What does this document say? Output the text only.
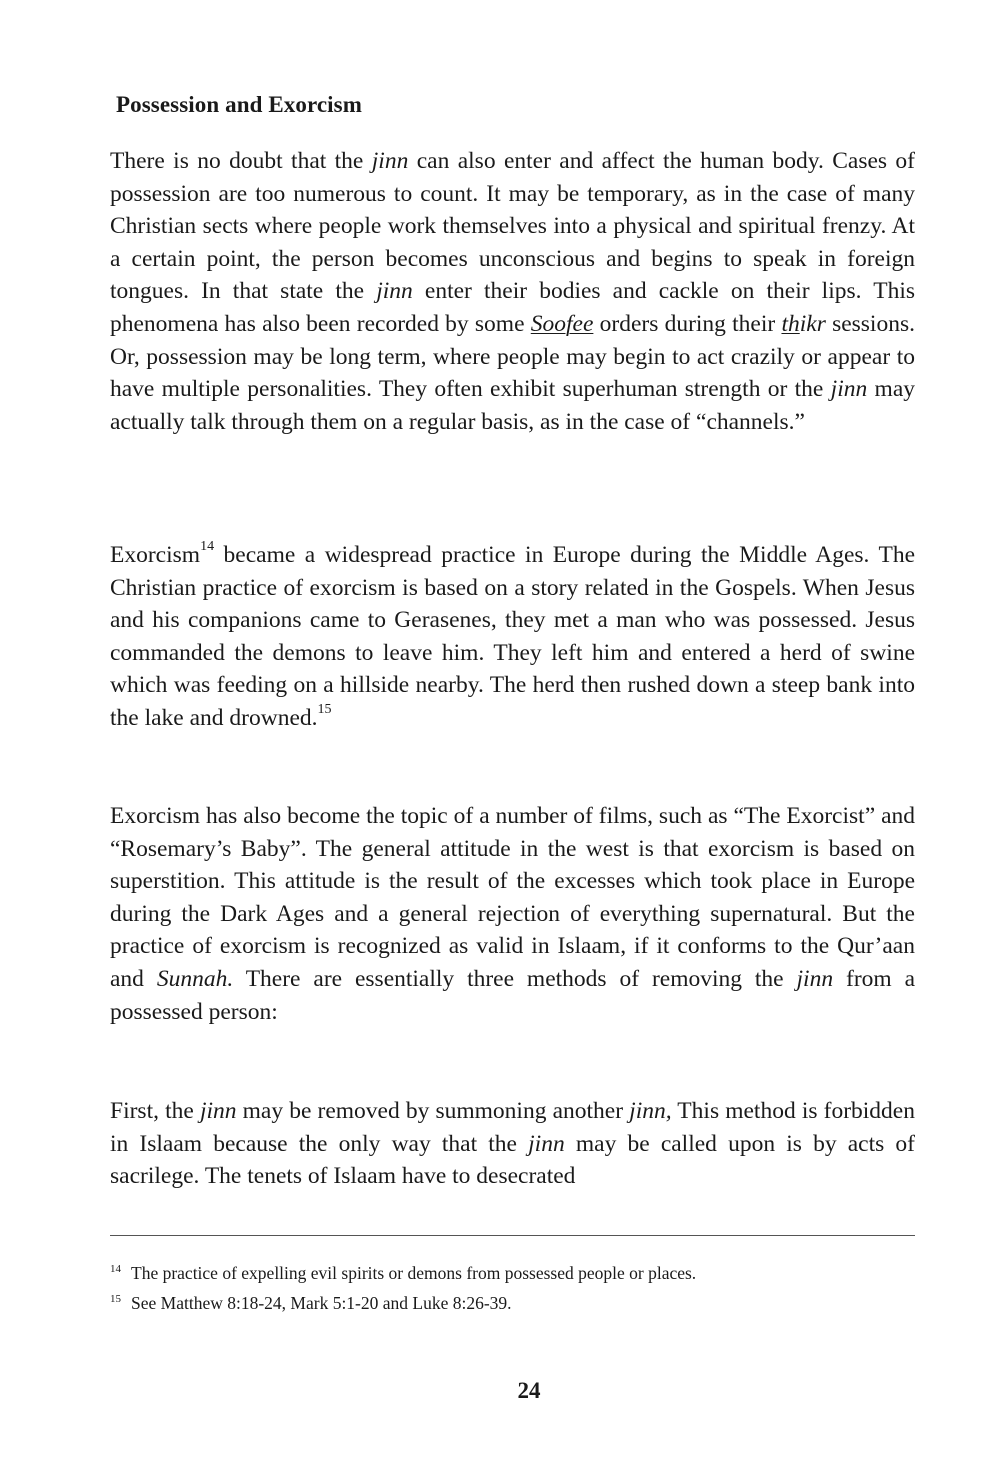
Possession and Exorcism

There is no doubt that the jinn can also enter and affect the human body. Cases of possession are too numerous to count. It may be temporary, as in the case of many Christian sects where people work themselves into a physical and spiritual frenzy. At a certain point, the person becomes unconscious and begins to speak in foreign tongues. In that state the jinn enter their bodies and cackle on their lips. This phenomena has also been recorded by some Soofee orders during their thikr sessions. Or, possession may be long term, where people may begin to act crazily or appear to have multiple personalities. They often exhibit superhuman strength or the jinn may actually talk through them on a regular basis, as in the case of “channels.”

Exorcism$^{14}$ became a widespread practice in Europe during the Middle Ages. The Christian practice of exorcism is based on a story related in the Gospels. When Jesus and his companions came to Gerasenes, they met a man who was possessed. Jesus commanded the demons to leave him. They left him and entered a herd of swine which was feeding on a hillside nearby. The herd then rushed down a steep bank into the lake and drowned.$^{15}$

Exorcism has also become the topic of a number of films, such as “The Exorcist” and “Rosemary’s Baby”. The general attitude in the west is that exorcism is based on superstition. This attitude is the result of the excesses which took place in Europe during the Dark Ages and a general rejection of everything supernatural. But the practice of exorcism is recognized as valid in Islaam, if it conforms to the Qur’aan and Sunnah. There are essentially three methods of removing the jinn from a possessed person:

First, the jinn may be removed by summoning another jinn, This method is forbidden in Islaam because the only way that the jinn may be called upon is by acts of sacrilege. The tenets of Islaam have to desecrated

$^{14}$ The practice of expelling evil spirits or demons from possessed people or places.

$^{15}$ See Matthew 8:18-24, Mark 5:1-20 and Luke 8:26-39.

24
